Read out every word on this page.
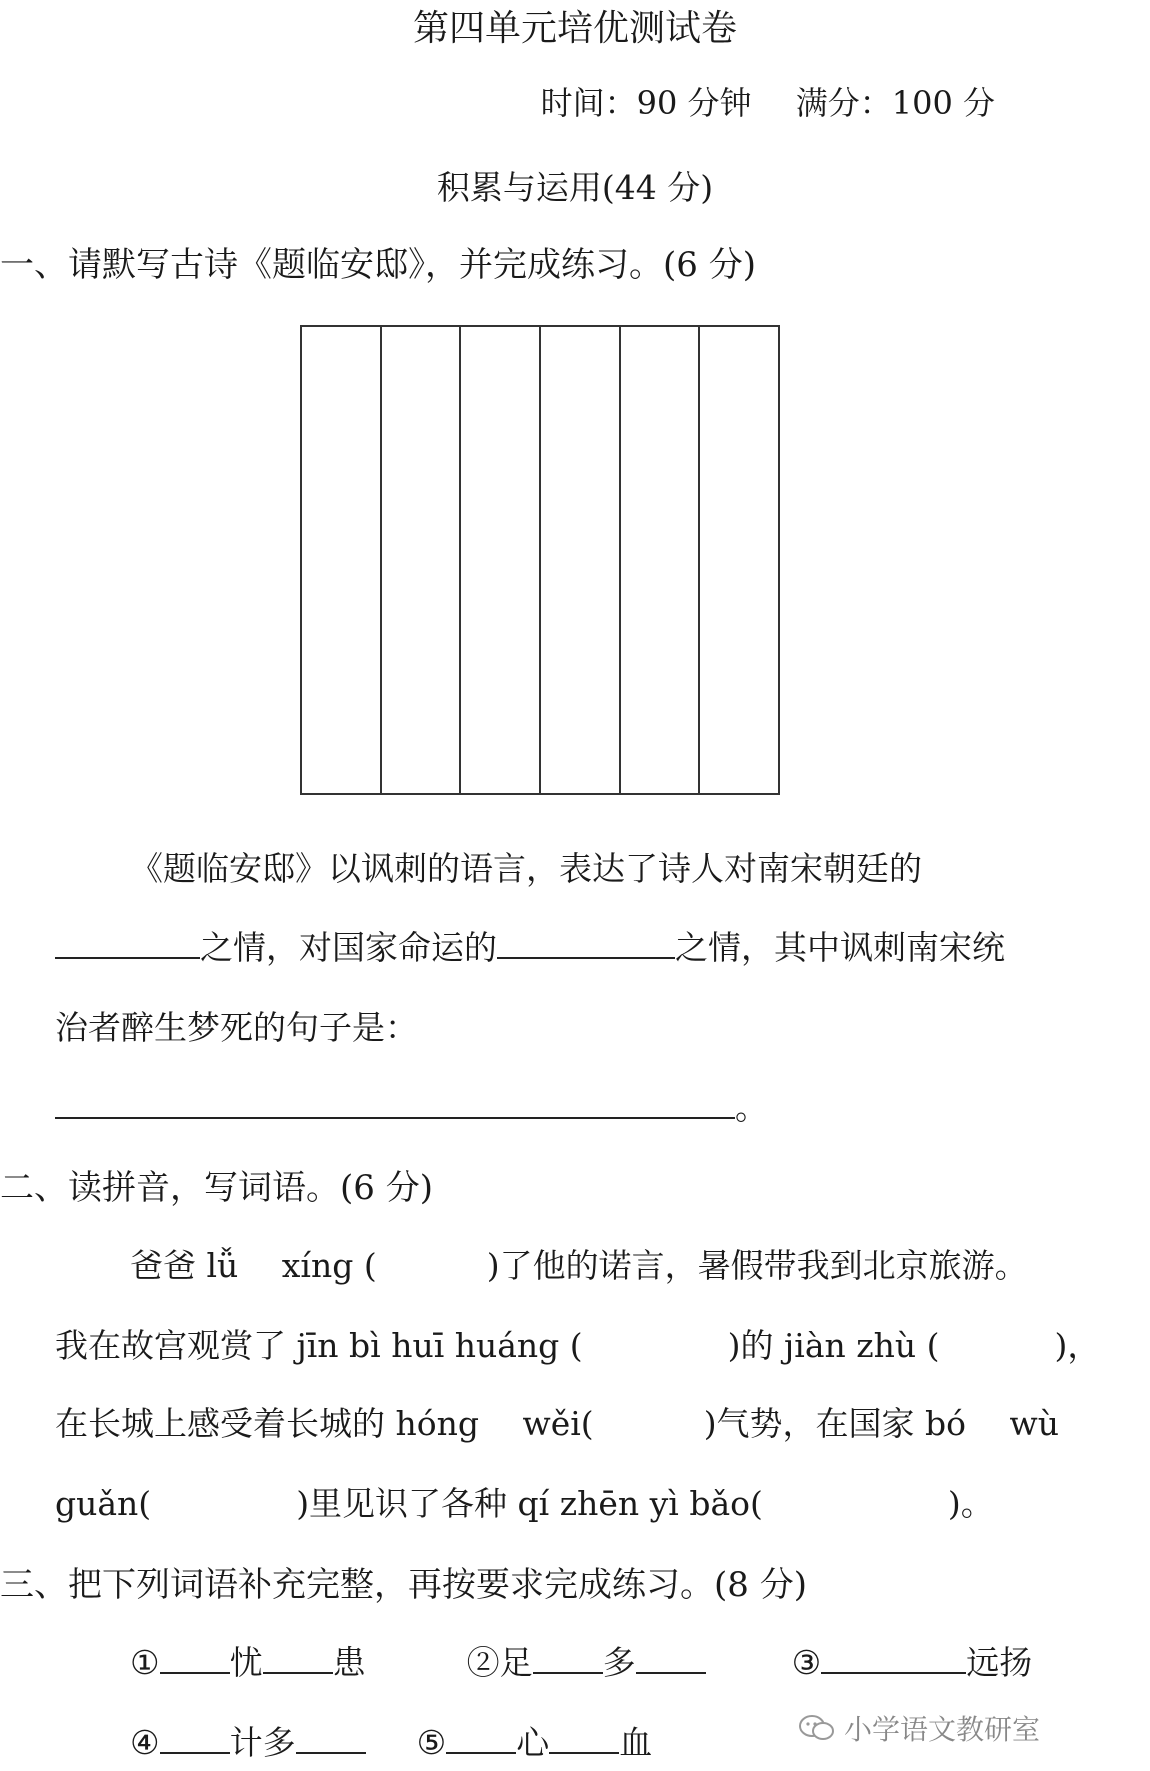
第四单元培优测试卷
时间：90 分钟 满分：100 分
积累与运用(44 分)
一、请默写古诗《题临安邸》，并完成练习。(6 分)
《题临安邸》以讽刺的语言，表达了诗人对南宋朝廷的
之情，对国家命运的	之情，其中讽刺南宋统
治者醉生梦死的句子是：
。
二、读拼音，写词语。(6 分)
爸爸 lǚ　 xíng (	)了他的诺言，暑假带我到北京旅游。
我在故宫观赏了 jīn bì huī huáng (	)的 jiàn zhù (	)，
在长城上感受着长城的 hóng　 wěi(	)气势，在国家 bó　 wù
guǎn(	)里见识了各种 qí zhēn yì bǎo(	)。
三、把下列词语补充完整，再按要求完成练习。(8 分)
① 忧 患	②足 多	③	远扬
④ 计多	⑤ 心 血	小学语文教研室
